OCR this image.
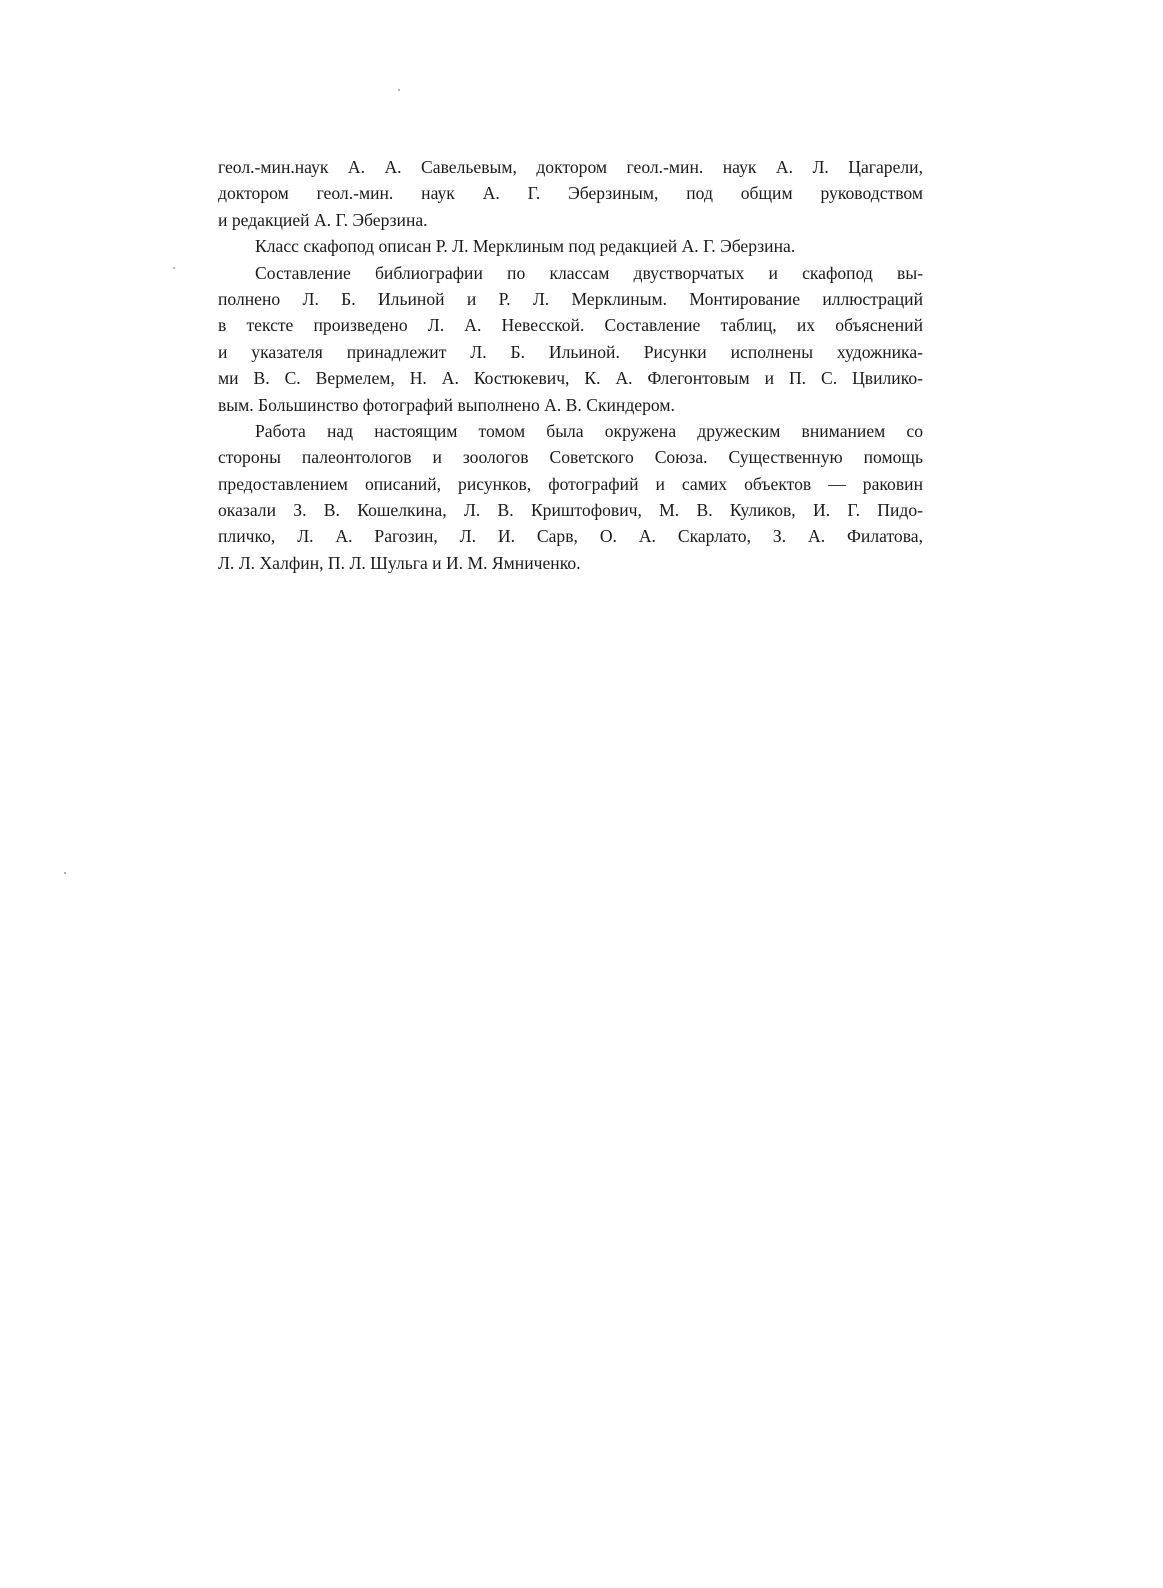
геол.-мин.наук А. А. Савельевым, доктором геол.-мин. наук А. Л. Цагарели,
доктором геол.-мин. наук А. Г. Эберзиным, под общим руководством
и редакцией А. Г. Эберзина.
Класс скафопод описан Р. Л. Мерклиным под редакцией А. Г. Эберзина.
Составление библиографии по классам двустворчатых и скафопод вы-
полнено Л. Б. Ильиной и Р. Л. Мерклиным. Монтирование иллюстраций
в тексте произведено Л. А. Невесской. Составление таблиц, их объяснений
и указателя принадлежит Л. Б. Ильиной. Рисунки исполнены художника-
ми В. С. Вермелем, Н. А. Костюкевич, К. А. Флегонтовым и П. С. Цвилико-
вым. Большинство фотографий выполнено А. В. Скиндером.
Работа над настоящим томом была окружена дружеским вниманием со
стороны палеонтологов и зоологов Советского Союза. Существенную помощь
предоставлением описаний, рисунков, фотографий и самих объектов — раковин
оказали З. В. Кошелкина, Л. В. Криштофович, М. В. Куликов, И. Г. Пидо-
пличко, Л. А. Рагозин, Л. И. Сарв, О. А. Скарлато, З. А. Филатова,
Л. Л. Халфин, П. Л. Шульга и И. М. Ямниченко.
